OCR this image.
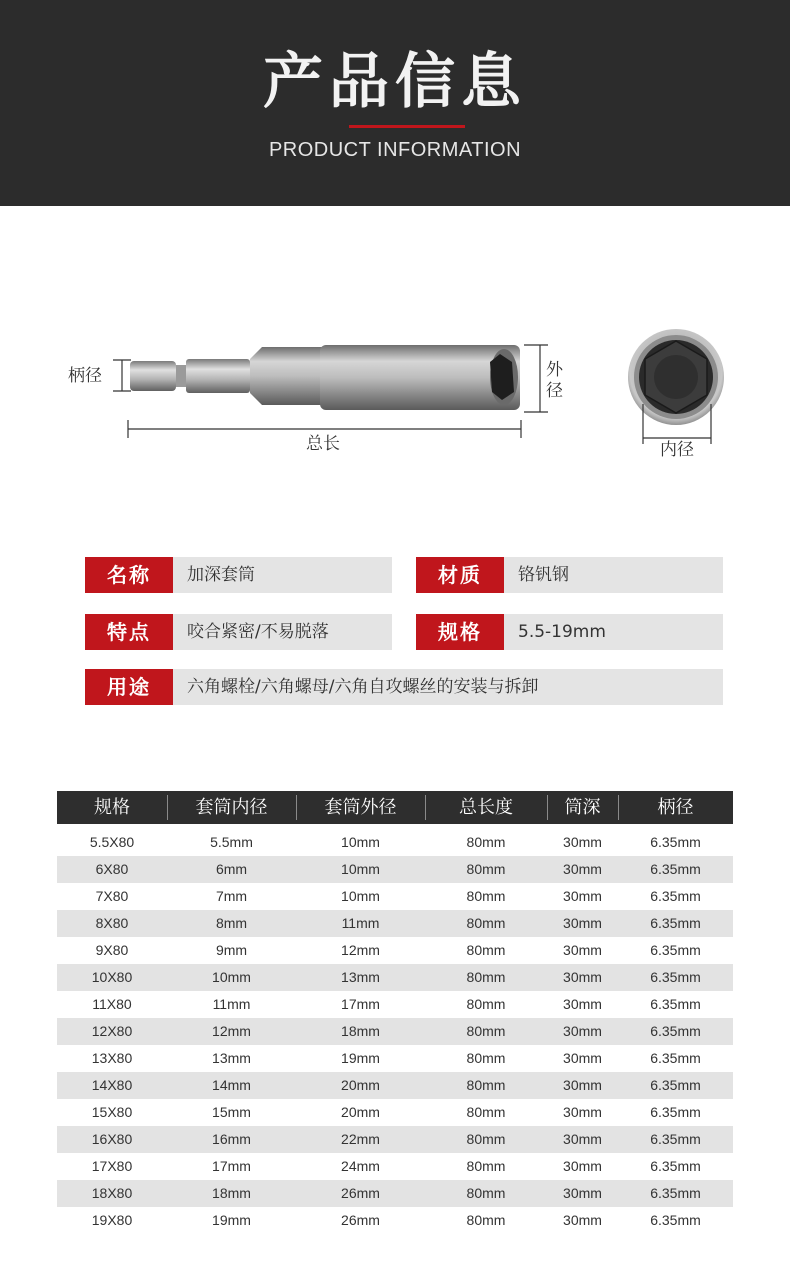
产品信息
PRODUCT INFORMATION
柄径	外
径
总长	内径
名称	加深套筒	材质	铬钒钢
特点	咬合紧密/不易脱落	规格	5.5-19mm
用途	六角螺栓/六角螺母/六角自攻螺丝的安装与拆卸
规格	套筒内径	套筒外径	总长度	筒深	柄径
5.5X80	5.5mm	10mm	80mm	30mm	6.35mm
6X80	6mm	10mm	80mm	30mm	6.35mm
7X80	7mm	10mm	80mm	30mm	6.35mm
8X80	8mm	11mm	80mm	30mm	6.35mm
9X80	9mm	12mm	80mm	30mm	6.35mm
10X80	10mm	13mm	80mm	30mm	6.35mm
11X80	11mm	17mm	80mm	30mm	6.35mm
12X80	12mm	18mm	80mm	30mm	6.35mm
13X80	13mm	19mm	80mm	30mm	6.35mm
14X80	14mm	20mm	80mm	30mm	6.35mm
15X80	15mm	20mm	80mm	30mm	6.35mm
16X80	16mm	22mm	80mm	30mm	6.35mm
17X80	17mm	24mm	80mm	30mm	6.35mm
18X80	18mm	26mm	80mm	30mm	6.35mm
19X80	19mm	26mm	80mm	30mm	6.35mm
